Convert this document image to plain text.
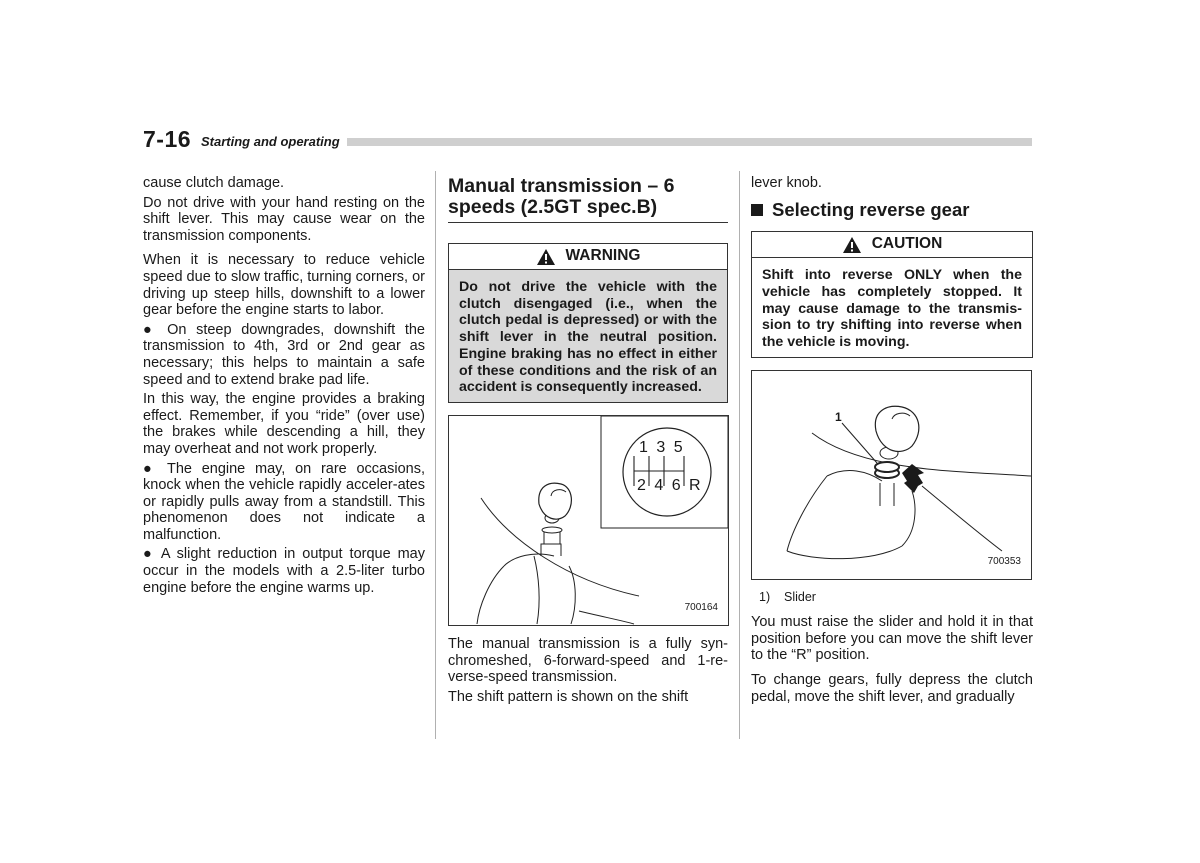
7-16 Starting and operating

cause clutch damage.

Do not drive with your hand resting on the shift lever. This may cause wear on the transmission components.

When it is necessary to reduce vehicle speed due to slow traffic, turning corners, or driving up steep hills, downshift to a lower gear before the engine starts to labor.

● On steep downgrades, downshift the transmission to 4th, 3rd or 2nd gear as necessary; this helps to maintain a safe speed and to extend brake pad life.

In this way, the engine provides a braking effect. Remember, if you “ride” (over use) the brakes while descending a hill, they may overheat and not work properly.

● The engine may, on rare occasions, knock when the vehicle rapidly acceler-ates or rapidly pulls away from a standstill. This phenomenon does not indicate a malfunction.

● A slight reduction in output torque may occur in the models with a 2.5-liter turbo engine before the engine warms up.

Manual transmission – 6 speeds (2.5GT spec.B)
WARNING
Do not drive the vehicle with the clutch disengaged (i.e., when the clutch pedal is depressed) or with the shift lever in the neutral position. Engine braking has no effect in either of these conditions and the risk of an accident is consequently increased.
1 3 5
2 4 6 R
700164

The manual transmission is a fully syn-chromeshed, 6-forward-speed and 1-re-verse-speed transmission.

The shift pattern is shown on the shift

lever knob.

Selecting reverse gear
CAUTION
Shift into reverse ONLY when the vehicle has completely stopped. It may cause damage to the transmis-sion to try shifting into reverse when the vehicle is moving.
1
700353
1)    Slider

You must raise the slider and hold it in that position before you can move the shift lever to the “R” position.

To change gears, fully depress the clutch pedal, move the shift lever, and gradually
